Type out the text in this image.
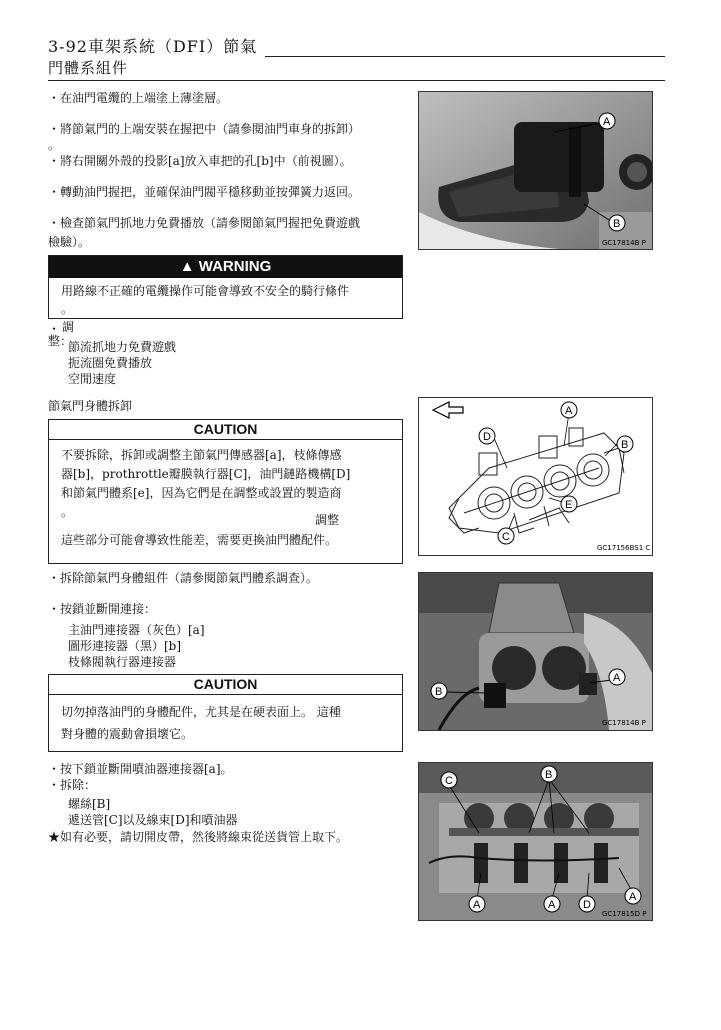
3-92車架系統（DFI）節氣
門體系組件
・在油門電纜的上端塗上薄塗層。
・將節氣門的上端安裝在握把中（請參閱油門車身的拆卸）
。
・將右開關外殼的投影[a]放入車把的孔[b]中（前視圖）。
・轉動油門握把，並確保油門閥平穩移動並按彈簧力返回。
・檢查節氣門抓地力免費播放（請參閱節氣門握把免費遊戲
檢驗）。
▲ WARNING
用路線不正確的電纜操作可能會導致不安全的騎行條件
。
・ 調
整 ：
節流抓地力免費遊戲
扼流圈免費播放
空閒速度
節氣門身體拆卸
CAUTION
不要拆除，拆卸或調整主節氣門傳感器[a]，枝條傳感
器[b]，prothrottle瓣膜執行器[C]，油門鏈路機構[D]
和節氣門體系[e]，因為它們是在調整或設置的製造商
。
調整
這些部分可能會導致性能差，需要更換油門體配件。
・拆除節氣門身體組件（請參閱節氣門體系調查）。
・按鎖並斷開連接：
主油門連接器（灰色）[a]
圖形連接器（黑）[b]
枝條閥執行器連接器
CAUTION
切勿掉落油門的身體配件，尤其是在硬表面上。 這種
對身體的震動會損壞它。
・按下鎖並斷開噴油器連接器[a]。
・拆除：
螺絲[B]
遞送管[C]以及線束[D]和噴油器
★如有必要，請切開皮帶，然後將線束從送貨管上取下。
A
B
GC17814B P
A
B
D
E
C
GC17156BS1 C
B
A
GC17814B P
C	B
A	A	D
A
GC17815D P
